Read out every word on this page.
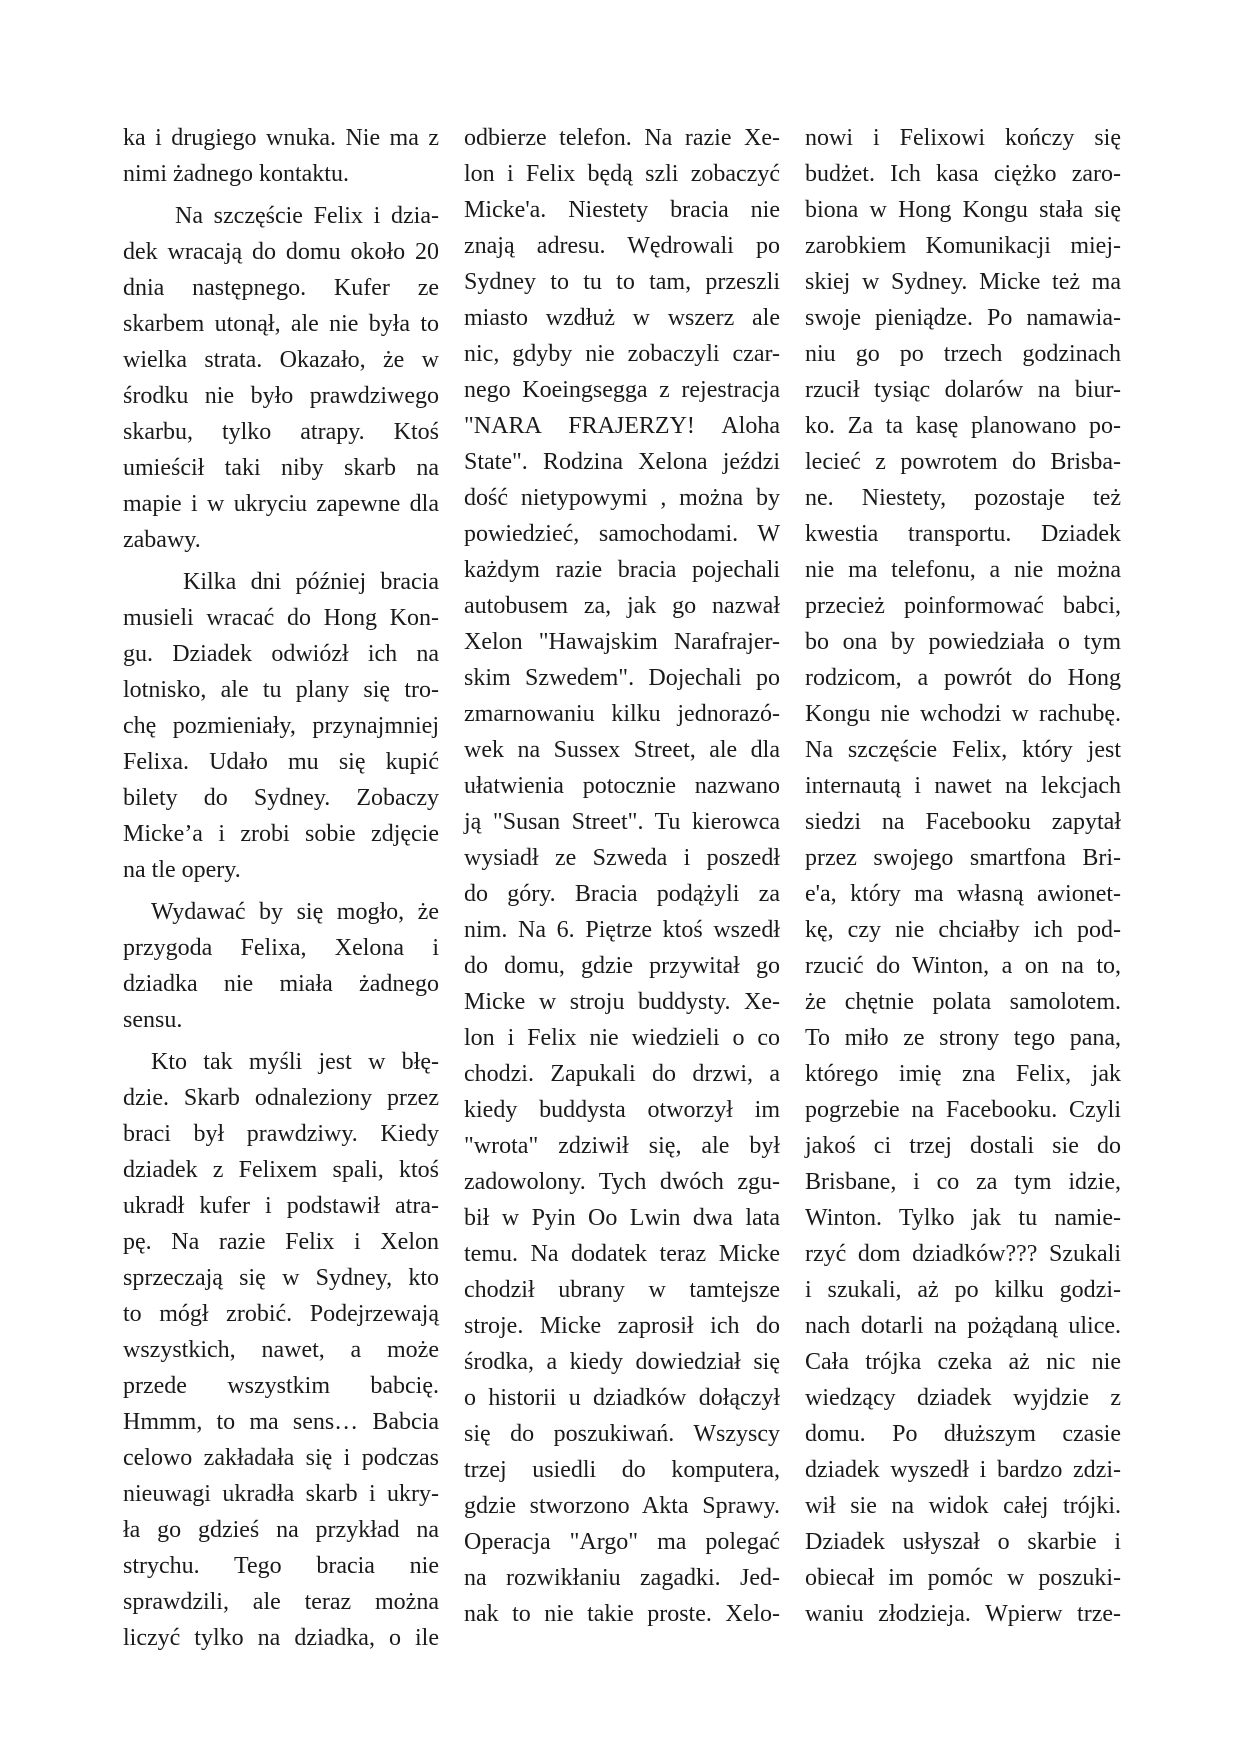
ka i drugiego wnuka. Nie ma z
nimi żadnego kontaktu.
Na szczęście Felix i dzia-
dek wracają do domu około 20
dnia następnego. Kufer ze
skarbem utonął, ale nie była to
wielka strata. Okazało, że w
środku nie było prawdziwego
skarbu, tylko atrapy. Ktoś
umieścił taki niby skarb na
mapie i w ukryciu zapewne dla
zabawy.
Kilka dni później bracia
musieli wracać do Hong Kon-
gu. Dziadek odwiózł ich na
lotnisko, ale tu plany się tro-
chę pozmieniały, przynajmniej
Felixa. Udało mu się kupić
bilety do Sydney. Zobaczy
Micke’a i zrobi sobie zdjęcie
na tle opery.
Wydawać by się mogło, że
przygoda Felixa, Xelona i
dziadka nie miała żadnego
sensu.
Kto tak myśli jest w błę-
dzie. Skarb odnaleziony przez
braci był prawdziwy. Kiedy
dziadek z Felixem spali, ktoś
ukradł kufer i podstawił atra-
pę. Na razie Felix i Xelon
sprzeczają się w Sydney, kto
to mógł zrobić. Podejrzewają
wszystkich, nawet, a może
przede wszystkim babcię.
Hmmm, to ma sens… Babcia
celowo zakładała się i podczas
nieuwagi ukradła skarb i ukry-
ła go gdzieś na przykład na
strychu. Tego bracia nie
sprawdzili, ale teraz można
liczyć tylko na dziadka, o ile
odbierze telefon. Na razie Xe-
lon i Felix będą szli zobaczyć
Micke'a. Niestety bracia nie
znają adresu. Wędrowali po
Sydney to tu to tam, przeszli
miasto wzdłuż w wszerz ale
nic, gdyby nie zobaczyli czar-
nego Koeingsegga z rejestracja
"NARA FRAJERZY! Aloha
State". Rodzina Xelona jeździ
dość nietypowymi , można by
powiedzieć, samochodami. W
każdym razie bracia pojechali
autobusem za, jak go nazwał
Xelon "Hawajskim Narafrajer-
skim Szwedem". Dojechali po
zmarnowaniu kilku jednorazó-
wek na Sussex Street, ale dla
ułatwienia potocznie nazwano
ją "Susan Street". Tu kierowca
wysiadł ze Szweda i poszedł
do góry. Bracia podążyli za
nim. Na 6. Piętrze ktoś wszedł
do domu, gdzie przywitał go
Micke w stroju buddysty. Xe-
lon i Felix nie wiedzieli o co
chodzi. Zapukali do drzwi, a
kiedy buddysta otworzył im
"wrota" zdziwił się, ale był
zadowolony. Tych dwóch zgu-
bił w Pyin Oo Lwin dwa lata
temu. Na dodatek teraz Micke
chodził ubrany w tamtejsze
stroje. Micke zaprosił ich do
środka, a kiedy dowiedział się
o historii u dziadków dołączył
się do poszukiwań. Wszyscy
trzej usiedli do komputera,
gdzie stworzono Akta Sprawy.
Operacja "Argo" ma polegać
na rozwikłaniu zagadki. Jed-
nak to nie takie proste. Xelo-
nowi i Felixowi kończy się
budżet. Ich kasa ciężko zaro-
biona w Hong Kongu stała się
zarobkiem Komunikacji miej-
skiej w Sydney. Micke też ma
swoje pieniądze. Po namawia-
niu go po trzech godzinach
rzucił tysiąc dolarów na biur-
ko. Za ta kasę planowano po-
lecieć z powrotem do Brisba-
ne. Niestety, pozostaje też
kwestia transportu. Dziadek
nie ma telefonu, a nie można
przecież poinformować babci,
bo ona by powiedziała o tym
rodzicom, a powrót do Hong
Kongu nie wchodzi w rachubę.
Na szczęście Felix, który jest
internautą i nawet na lekcjach
siedzi na Facebooku zapytał
przez swojego smartfona Bri-
e'a, który ma własną awionet-
kę, czy nie chciałby ich pod-
rzucić do Winton, a on na to,
że chętnie polata samolotem.
To miło ze strony tego pana,
którego imię zna Felix, jak
pogrzebie na Facebooku. Czyli
jakoś ci trzej dostali sie do
Brisbane, i co za tym idzie,
Winton. Tylko jak tu namie-
rzyć dom dziadków??? Szukali
i szukali, aż po kilku godzi-
nach dotarli na pożądaną ulice.
Cała trójka czeka aż nic nie
wiedzący dziadek wyjdzie z
domu. Po dłuższym czasie
dziadek wyszedł i bardzo zdzi-
wił sie na widok całej trójki.
Dziadek usłyszał o skarbie i
obiecał im pomóc w poszuki-
waniu złodzieja. Wpierw trze-
